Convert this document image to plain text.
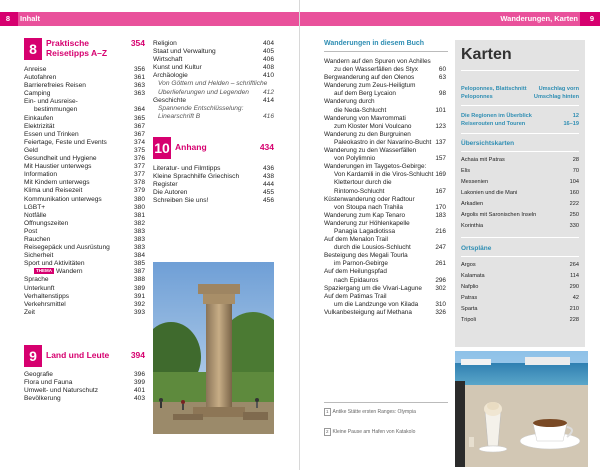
8	Inhalt
8	Praktische
Reisetipps A–Z
354
Anreise	356
Autofahren	361
Barrierefreies Reisen	363
Camping	363
Ein- und Ausreise-
bestimmungen	364
Einkaufen	365
Elektrizität	367
Essen und Trinken	367
Feiertage, Feste und Events	374
Geld	375
Gesundheit und Hygiene	376
Mit Haustier unterwegs	377
Information	377
Mit Kindern unterwegs	378
Klima und Reisezeit	379
Kommunikation unterwegs	380
LGBT+	380
Notfälle	381
Öffnungszeiten	382
Post	383
Rauchen	383
Reisegepäck und Ausrüstung	383
Sicherheit	384
Sport und Aktivitäten	385
THEMA Wandern	387
Sprache	388
Unterkunft	389
Verhaltenstipps	391
Verkehrsmittel	392
Zeit	393
9	Land und Leute	394
Geografie	396
Flora und Fauna	399
Umwelt- und Naturschutz	401
Bevölkerung	403
Religion	404
Staat und Verwaltung	405
Wirtschaft	406
Kunst und Kultur	408
Archäologie	410
Von Göttern und Helden – schriftliche
Überlieferungen und Legenden 412
Geschichte	414
Spannende Entschlüsselung:
Linearschrift B	416
10 Anhang	434
Literatur- und Filmtipps	436
Kleine Sprachhilfe Griechisch	438
Register	444
Die Autoren	455
Schreiben Sie uns!	456
Wanderungen, Karten	9
Wanderungen in diesem Buch
Wandern auf den Spuren von Achilles
zu den Wasserfällen des Styx	60
Bergwanderung auf den Olenos	63
Wanderung zum Zeus-Heiligtum
auf dem Berg Lycaion	98
Wanderung durch
die Neda-Schlucht	101
Wanderung von Mavrommati
zum Kloster Moni Voulcano	123
Wanderung zu den Burgruinen
Paleokastro in der Navarino-Bucht 137
Wanderung zu den Wasserfällen
von Polylimnio	157
Wanderungen im Taygetos-Gebirge:
Von Kardamili in die Viros-Schlucht 169
Klettertour durch die
Rintomo-Schlucht	167
Küstenwanderung oder Radtour
von Stoupa nach Trahila	170
Wanderung zum Kap Tenaro	183
Wanderung zur Höhlenkapelle
Panagia Lagadiotissa	216
Auf dem Menalon Trail
durch die Lousios-Schlucht	247
Besteigung des Megali Tourla
im Parnon-Gebirge	261
Auf dem Heilungspfad
nach Epidauros	296
Spaziergang um die Vivari-Lagune 302
Auf dem Patimas Trail
um die Landzunge von Kilada	310
Vulkanbesteigung auf Methana	326
1 Antike Stätte ersten Ranges: Olympia
2 Kleine Pause am Hafen von Katakolo
Karten
Peloponnes, Blattschnitt Umschlag vorn
Peloponnes	Umschlag hinten
Die Regionen im Überblick	12
Reiserouten und Touren	16–19
Übersichtskarten
Achaia mit Patras	28
Elis	70
Messenien	104
Lakonien und die Mani	160
Arkadien	222
Argolis mit Saronischen Inseln	250
Korinthia	330
Ortspläne
Argos	264
Kalamata	114
Nafplio	290
Patras	42
Sparta	210
Tripoli	228
